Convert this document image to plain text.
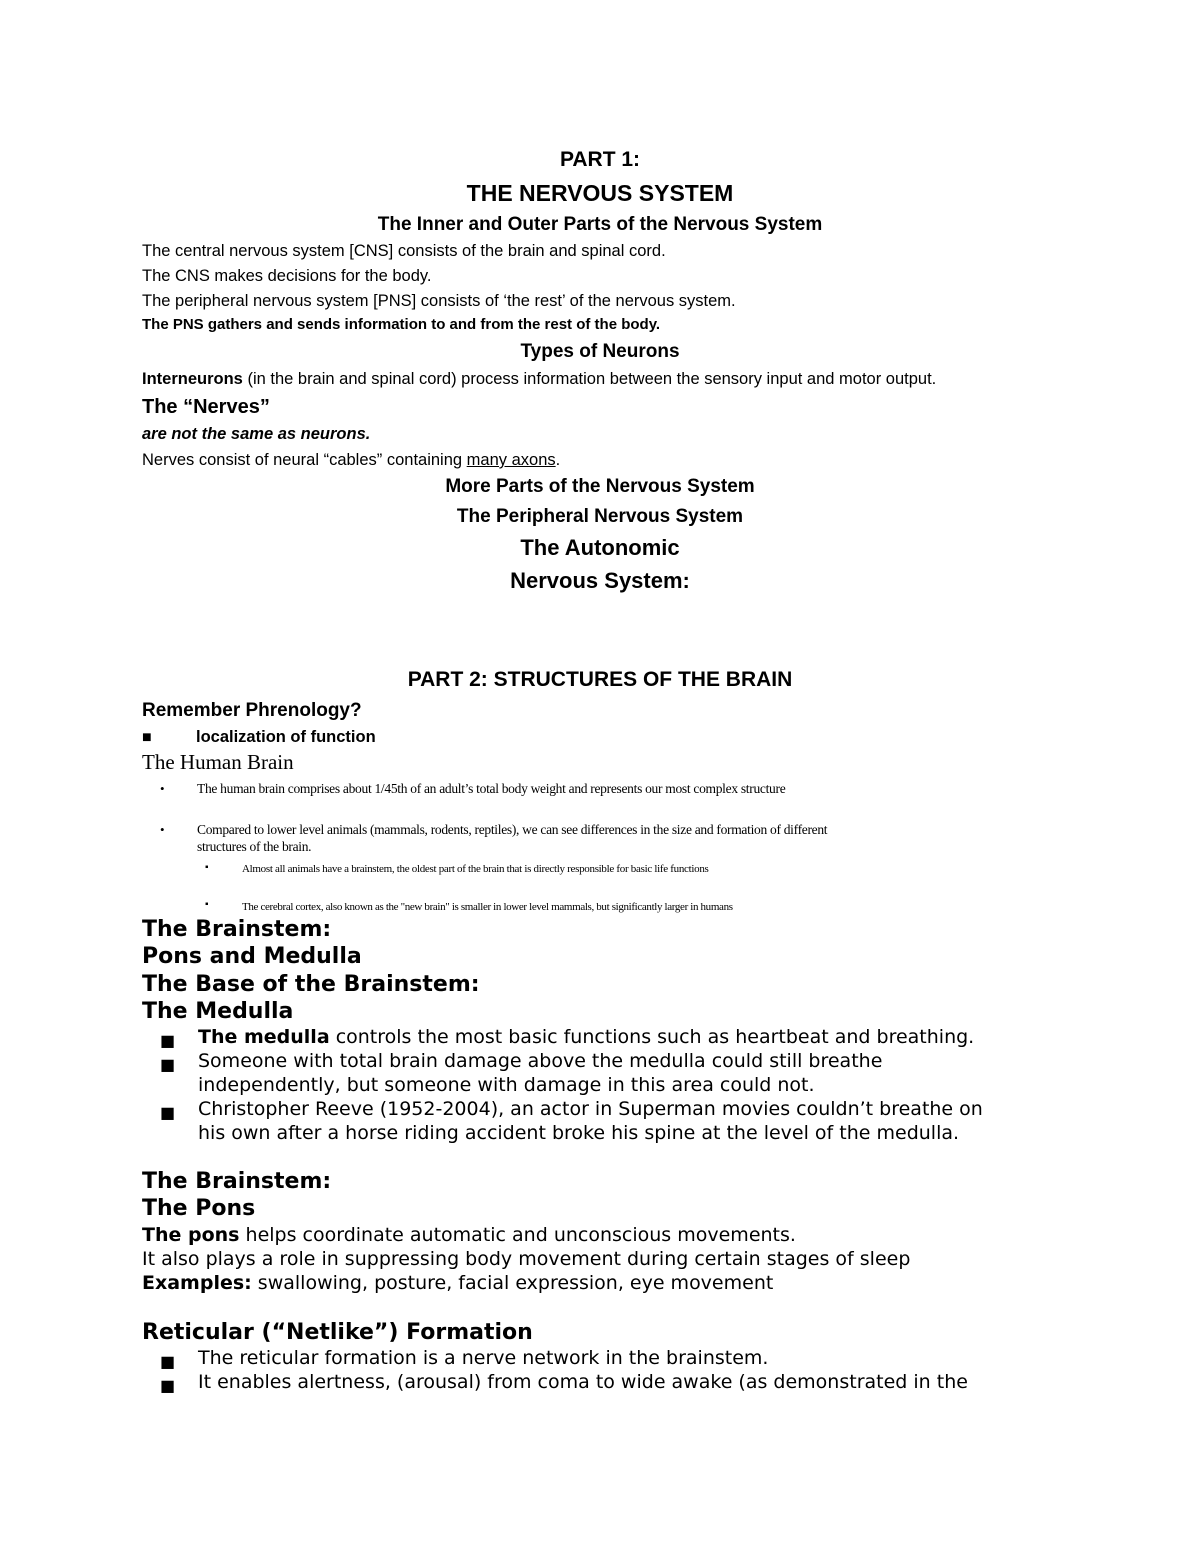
PART 1:
THE NERVOUS SYSTEM
The Inner and Outer Parts of the Nervous System
The central nervous system [CNS] consists of the brain and spinal cord.
The CNS makes decisions for the body.
The peripheral nervous system [PNS] consists of ‘the rest’ of the nervous system.
The PNS gathers and sends information to and from the rest of the body.
Types of Neurons
Interneurons (in the brain and spinal cord) process information between the sensory input and motor output.
The “Nerves”
are not the same as neurons.
Nerves consist of neural “cables” containing many axons.
More Parts of the Nervous System
The Peripheral Nervous System
The Autonomic
Nervous System:
PART 2: STRUCTURES OF THE BRAIN
Remember Phrenology?
■	localization of function
The Human Brain
• The human brain comprises about 1/45th of an adult’s total body weight and represents our most complex structure
• Compared to lower level animals (mammals, rodents, reptiles), we can see differences in the size and formation of different
structures of the brain.
▪	Almost all animals have a brainstem, the oldest part of the brain that is directly responsible for basic life functions
▪	The cerebral cortex, also known as the "new brain" is smaller in lower level mammals, but significantly larger in humans
The Brainstem:
Pons and Medulla
The Base of the Brainstem:
The Medulla
■ The medulla controls the most basic functions such as heartbeat and breathing.
■ Someone with total brain damage above the medulla could still breathe
independently, but someone with damage in this area could not.
■ Christopher Reeve (1952-2004), an actor in Superman movies couldn’t breathe on
his own after a horse riding accident broke his spine at the level of the medulla.
The Brainstem:
The Pons
The pons helps coordinate automatic and unconscious movements.
It also plays a role in suppressing body movement during certain stages of sleep
Examples: swallowing, posture, facial expression, eye movement
Reticular (“Netlike”) Formation
■ The reticular formation is a nerve network in the brainstem.
■ It enables alertness, (arousal) from coma to wide awake (as demonstrated in the
